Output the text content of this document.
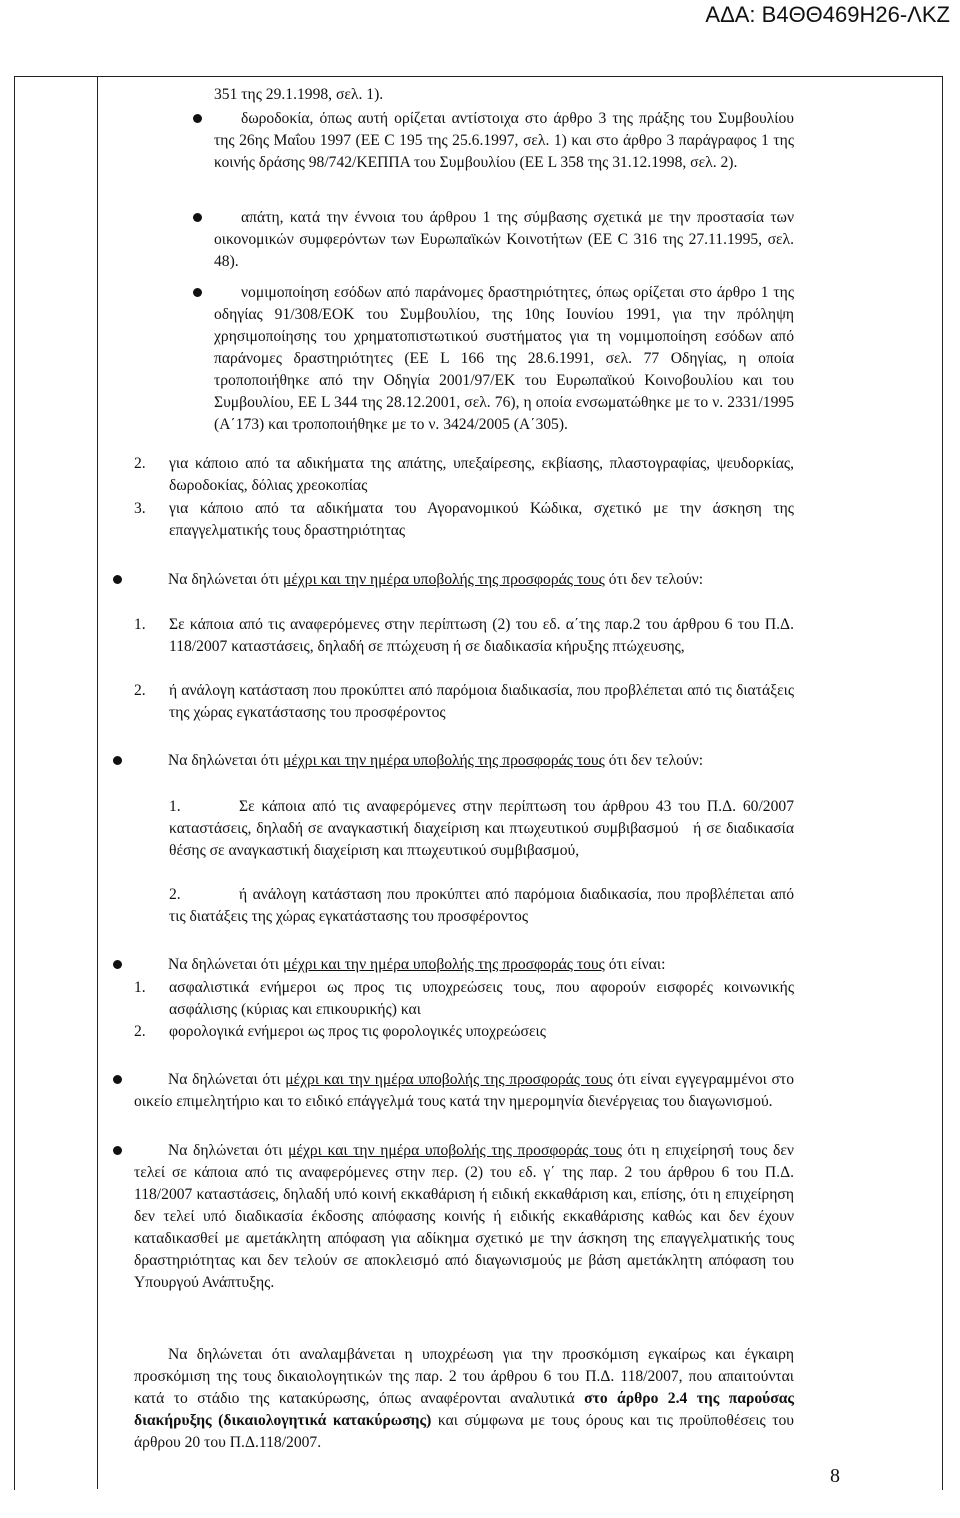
ΑΔΑ: Β4ΘΘ469Η26-ΛΚΖ
351 της 29.1.1998, σελ. 1).
δωροδοκία, όπως αυτή ορίζεται αντίστοιχα στο άρθρο 3 της πράξης του Συμβουλίου της 26ης Μαΐου 1997 (ΕΕ C 195 της 25.6.1997, σελ. 1) και στο άρθρο 3 παράγραφος 1 της κοινής δράσης 98/742/ΚΕΠΠΑ του Συμβουλίου (ΕΕ L 358 της 31.12.1998, σελ. 2).
απάτη, κατά την έννοια του άρθρου 1 της σύμβασης σχετικά με την προστασία των οικονομικών συμφερόντων των Ευρωπαϊκών Κοινοτήτων (ΕΕ C 316 της 27.11.1995, σελ. 48).
νομιμοποίηση εσόδων από παράνομες δραστηριότητες, όπως ορίζεται στο άρθρο 1 της οδηγίας 91/308/ΕΟΚ του Συμβουλίου, της 10ης Ιουνίου 1991, για την πρόληψη χρησιμοποίησης του χρηματοπιστωτικού συστήματος για τη νομιμοποίηση εσόδων από παράνομες δραστηριότητες (ΕΕ L 166 της 28.6.1991, σελ. 77 Οδηγίας, η οποία τροποποιήθηκε από την Οδηγία 2001/97/ΕΚ του Ευρωπαϊκού Κοινοβουλίου και του Συμβουλίου, ΕΕ L 344 της 28.12.2001, σελ. 76), η οποία ενσωματώθηκε με το ν. 2331/1995 (Α΄173) και τροποποιήθηκε με το ν. 3424/2005 (Α΄305).
2. για κάποιο από τα αδικήματα της απάτης, υπεξαίρεσης, εκβίασης, πλαστογραφίας, ψευδορκίας, δωροδοκίας, δόλιας χρεοκοπίας
3. για κάποιο από τα αδικήματα του Αγορανομικού Κώδικα, σχετικό με την άσκηση της επαγγελματικής τους δραστηριότητας
Να δηλώνεται ότι μέχρι και την ημέρα υποβολής της προσφοράς τους ότι δεν τελούν:
1. Σε κάποια από τις αναφερόμενες στην περίπτωση (2) του εδ. α΄της παρ.2 του άρθρου 6 του Π.Δ. 118/2007 καταστάσεις, δηλαδή σε πτώχευση ή σε διαδικασία κήρυξης πτώχευσης,
2. ή ανάλογη κατάσταση που προκύπτει από παρόμοια διαδικασία, που προβλέπεται από τις διατάξεις της χώρας εγκατάστασης του προσφέροντος
Να δηλώνεται ότι μέχρι και την ημέρα υποβολής της προσφοράς τους ότι δεν τελούν:
1.	Σε κάποια από τις αναφερόμενες στην περίπτωση του άρθρου 43 του Π.Δ. 60/2007 καταστάσεις, δηλαδή σε αναγκαστική διαχείριση και πτωχευτικού συμβιβασμού   ή σε διαδικασία θέσης σε αναγκαστική διαχείριση και πτωχευτικού συμβιβασμού,
2.	ή ανάλογη κατάσταση που προκύπτει από παρόμοια διαδικασία, που προβλέπεται από τις διατάξεις της χώρας εγκατάστασης του προσφέροντος
Να δηλώνεται ότι μέχρι και την ημέρα υποβολής της προσφοράς τους ότι είναι:
1. ασφαλιστικά ενήμεροι ως προς τις υποχρεώσεις τους, που αφορούν εισφορές κοινωνικής ασφάλισης (κύριας και επικουρικής) και
2. φορολογικά ενήμεροι ως προς τις φορολογικές υποχρεώσεις
Να δηλώνεται ότι μέχρι και την ημέρα υποβολής της προσφοράς τους ότι είναι εγγεγραμμένοι στο οικείο επιμελητήριο και το ειδικό επάγγελμά τους κατά την ημερομηνία διενέργειας του διαγωνισμού.
Να δηλώνεται ότι μέχρι και την ημέρα υποβολής της προσφοράς τους ότι η επιχείρησή τους δεν τελεί σε κάποια από τις αναφερόμενες στην περ. (2) του εδ. γ΄ της παρ. 2 του άρθρου 6 του Π.Δ. 118/2007 καταστάσεις, δηλαδή υπό κοινή εκκαθάριση ή ειδική εκκαθάριση και, επίσης, ότι η επιχείρηση δεν τελεί υπό διαδικασία έκδοσης απόφασης κοινής ή ειδικής εκκαθάρισης καθώς και δεν έχουν καταδικασθεί με αμετάκλητη απόφαση για αδίκημα σχετικό με την άσκηση της επαγγελματικής τους δραστηριότητας και δεν τελούν σε αποκλεισμό από διαγωνισμούς με βάση αμετάκλητη απόφαση του Υπουργού Ανάπτυξης.
Να δηλώνεται ότι αναλαμβάνεται η υποχρέωση για την προσκόμιση εγκαίρως και έγκαιρη προσκόμιση της τους δικαιολογητικών της παρ. 2 του άρθρου 6 του Π.Δ. 118/2007, που απαιτούνται κατά το στάδιο της κατακύρωσης, όπως αναφέρονται αναλυτικά στο άρθρο 2.4 της παρούσας διακήρυξης (δικαιολογητικά κατακύρωσης) και σύμφωνα με τους όρους και τις προϋποθέσεις του άρθρου 20 του Π.Δ.118/2007.
8
